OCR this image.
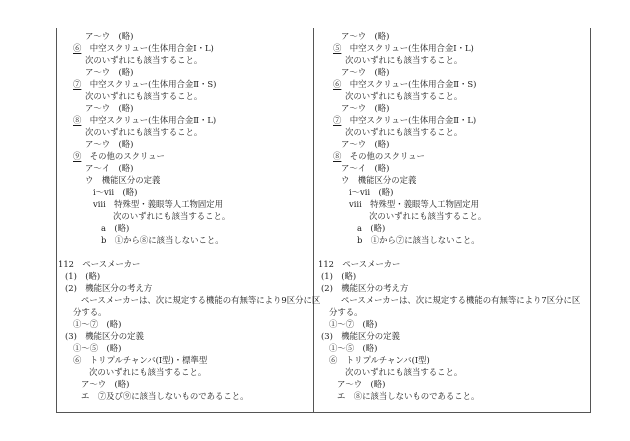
ア〜ウ　(略)
⑥　中空スクリュー(生体用合金Ⅰ・L)
次のいずれにも該当すること。
ア〜ウ　(略)
⑦　中空スクリュー(生体用合金Ⅱ・S)
次のいずれにも該当すること。
ア〜ウ　(略)
⑧　中空スクリュー(生体用合金Ⅱ・L)
次のいずれにも該当すること。
ア〜ウ　(略)
⑨　その他のスクリュー
ア〜イ　(略)
ウ　機能区分の定義
ⅰ〜ⅶ　(略)
ⅷ　特殊型・義眼等人工物固定用
次のいずれにも該当すること。
a　(略)
b　①から⑧に該当しないこと。
112　ペースメーカー
(1)　(略)
(2)　機能区分の考え方
ペースメーカーは、次に規定する機能の有無等により9区分に区
分する。
①〜⑦　(略)
(3)　機能区分の定義
①〜⑤　(略)
⑥　トリプルチャンバ(Ⅰ型)・標準型
次のいずれにも該当すること。
ア〜ウ　(略)
エ　⑦及び⑨に該当しないものであること。
ア〜ウ　(略)
⑤　中空スクリュー(生体用合金Ⅰ・L)
次のいずれにも該当すること。
ア〜ウ　(略)
⑥　中空スクリュー(生体用合金Ⅱ・S)
次のいずれにも該当すること。
ア〜ウ　(略)
⑦　中空スクリュー(生体用合金Ⅱ・L)
次のいずれにも該当すること。
ア〜ウ　(略)
⑧　その他のスクリュー
ア〜イ　(略)
ウ　機能区分の定義
ⅰ〜ⅶ　(略)
ⅷ　特殊型・義眼等人工物固定用
次のいずれにも該当すること。
a　(略)
b　①から⑦に該当しないこと。
112　ペースメーカー
(1)　(略)
(2)　機能区分の考え方
ペースメーカーは、次に規定する機能の有無等により7区分に区
分する。
①〜⑦　(略)
(3)　機能区分の定義
①〜⑤　(略)
⑥　トリプルチャンバ(Ⅰ型)
次のいずれにも該当すること。
ア〜ウ　(略)
エ　⑧に該当しないものであること。
